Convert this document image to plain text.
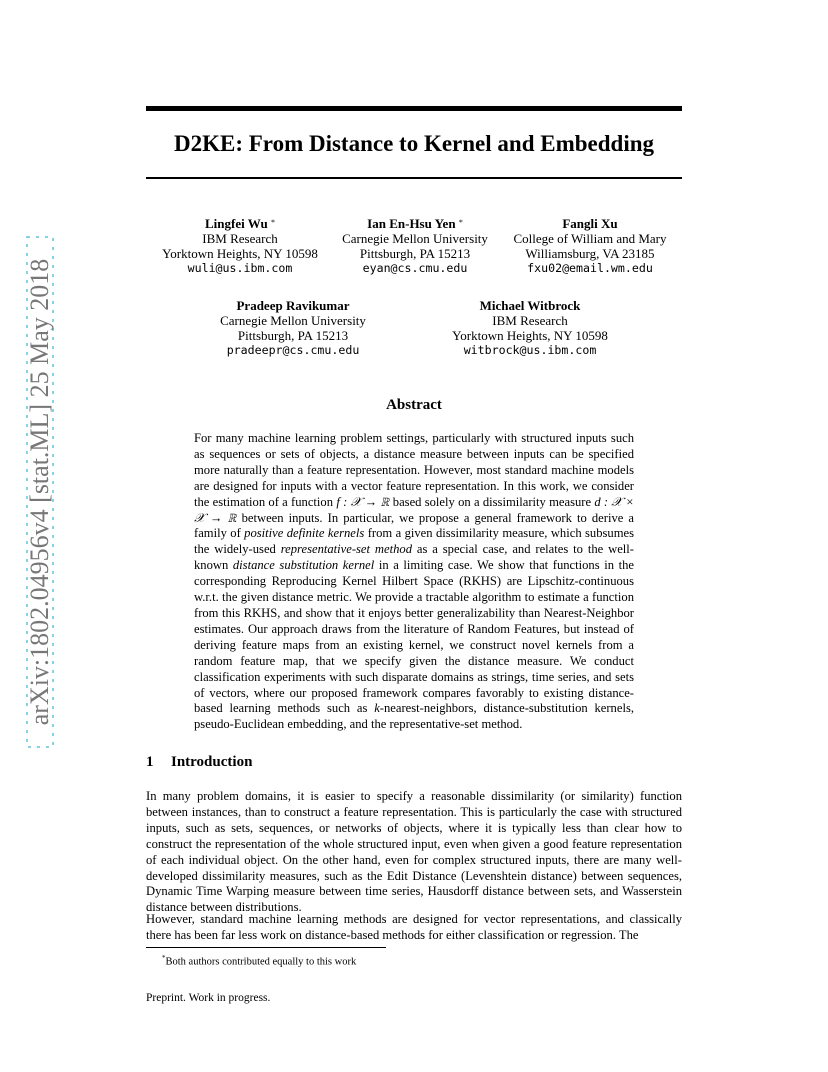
arXiv:1802.04956v4 [stat.ML] 25 May 2018
D2KE: From Distance to Kernel and Embedding
Lingfei Wu *
IBM Research
Yorktown Heights, NY 10598
wuli@us.ibm.com
Ian En-Hsu Yen *
Carnegie Mellon University
Pittsburgh, PA 15213
eyan@cs.cmu.edu
Fangli Xu
College of William and Mary
Williamsburg, VA 23185
fxu02@email.wm.edu
Pradeep Ravikumar
Carnegie Mellon University
Pittsburgh, PA 15213
pradeepr@cs.cmu.edu
Michael Witbrock
IBM Research
Yorktown Heights, NY 10598
witbrock@us.ibm.com
Abstract

For many machine learning problem settings, particularly with structured inputs such as sequences or sets of objects, a distance measure between inputs can be specified more naturally than a feature representation. However, most standard machine models are designed for inputs with a vector feature representation. In this work, we consider the estimation of a function f : 𝒳 → ℝ based solely on a dissimilarity measure d : 𝒳 × 𝒳 → ℝ between inputs. In particular, we propose a general framework to derive a family of positive definite kernels from a given dissimilarity measure, which subsumes the widely-used representative-set method as a special case, and relates to the well-known distance substitution kernel in a limiting case. We show that functions in the corresponding Reproducing Kernel Hilbert Space (RKHS) are Lipschitz-continuous w.r.t. the given distance metric. We provide a tractable algorithm to estimate a function from this RKHS, and show that it enjoys better generalizability than Nearest-Neighbor estimates. Our approach draws from the literature of Random Features, but instead of deriving feature maps from an existing kernel, we construct novel kernels from a random feature map, that we specify given the distance measure. We conduct classification experiments with such disparate domains as strings, time series, and sets of vectors, where our proposed framework compares favorably to existing distance-based learning methods such as k-nearest-neighbors, distance-substitution kernels, pseudo-Euclidean embedding, and the representative-set method.

1 Introduction

In many problem domains, it is easier to specify a reasonable dissimilarity (or similarity) function between instances, than to construct a feature representation. This is particularly the case with structured inputs, such as sets, sequences, or networks of objects, where it is typically less than clear how to construct the representation of the whole structured input, even when given a good feature representation of each individual object. On the other hand, even for complex structured inputs, there are many well-developed dissimilarity measures, such as the Edit Distance (Levenshtein distance) between sequences, Dynamic Time Warping measure between time series, Hausdorff distance between sets, and Wasserstein distance between distributions.

However, standard machine learning methods are designed for vector representations, and classically there has been far less work on distance-based methods for either classification or regression. The

*Both authors contributed equally to this work
Preprint. Work in progress.
